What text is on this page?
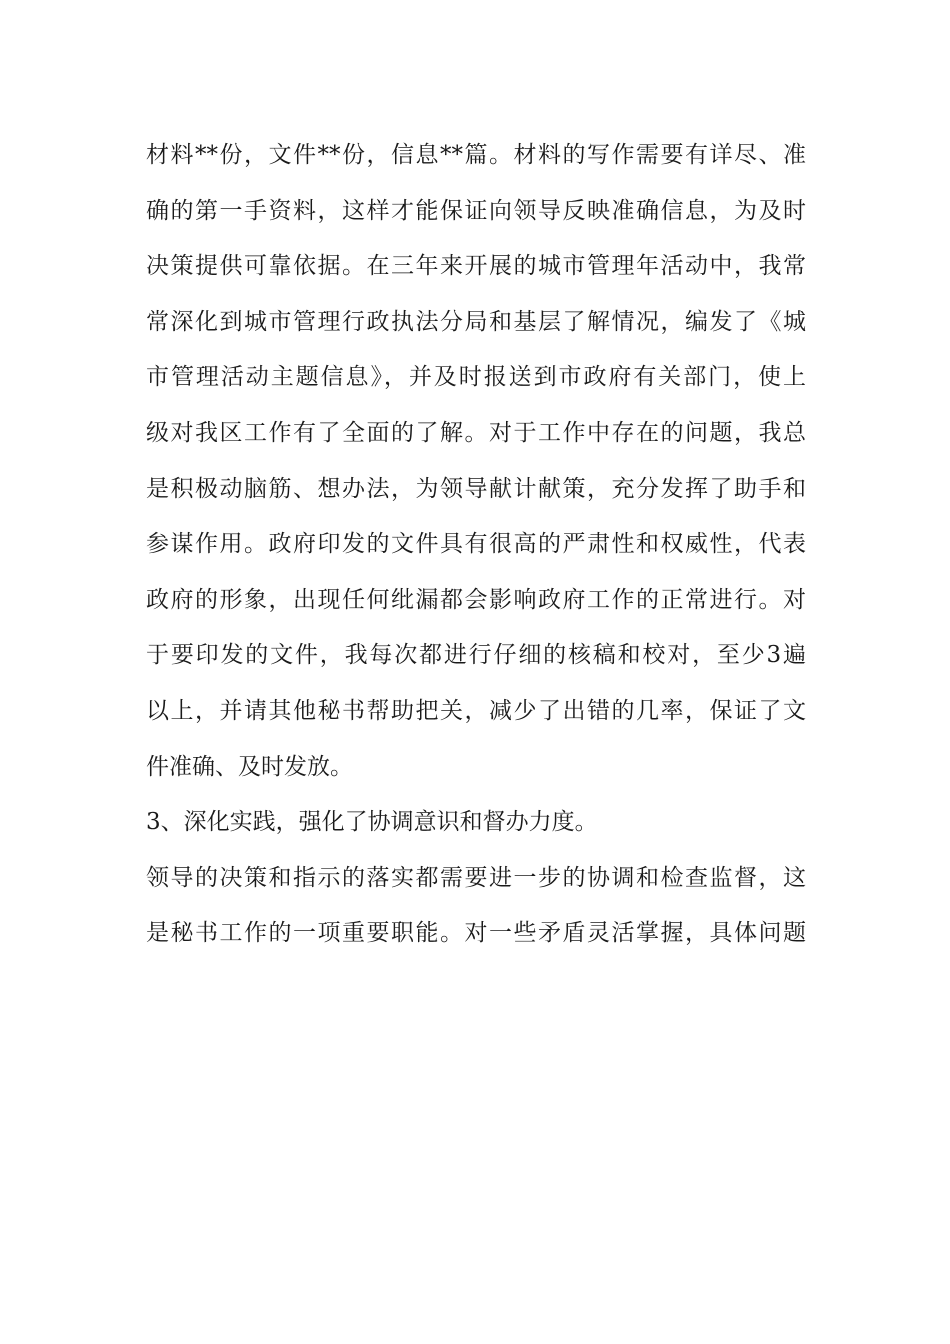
材料**份，文件**份，信息**篇。材料的写作需要有详尽、准
确的第一手资料，这样才能保证向领导反映准确信息，为及时
决策提供可靠依据。在三年来开展的城市管理年活动中，我常
常深化到城市管理行政执法分局和基层了解情况，编发了《城
市管理活动主题信息》，并及时报送到市政府有关部门，使上
级对我区工作有了全面的了解。对于工作中存在的问题，我总
是积极动脑筋、想办法，为领导献计献策，充分发挥了助手和
参谋作用。政府印发的文件具有很高的严肃性和权威性，代表
政府的形象，出现任何纰漏都会影响政府工作的正常进行。对
于要印发的文件，我每次都进行仔细的核稿和校对，至少3遍
以上，并请其他秘书帮助把关，减少了出错的几率，保证了文
件准确、及时发放。
3、深化实践，强化了协调意识和督办力度。
领导的决策和指示的落实都需要进一步的协调和检查监督，这
是秘书工作的一项重要职能。对一些矛盾灵活掌握，具体问题
